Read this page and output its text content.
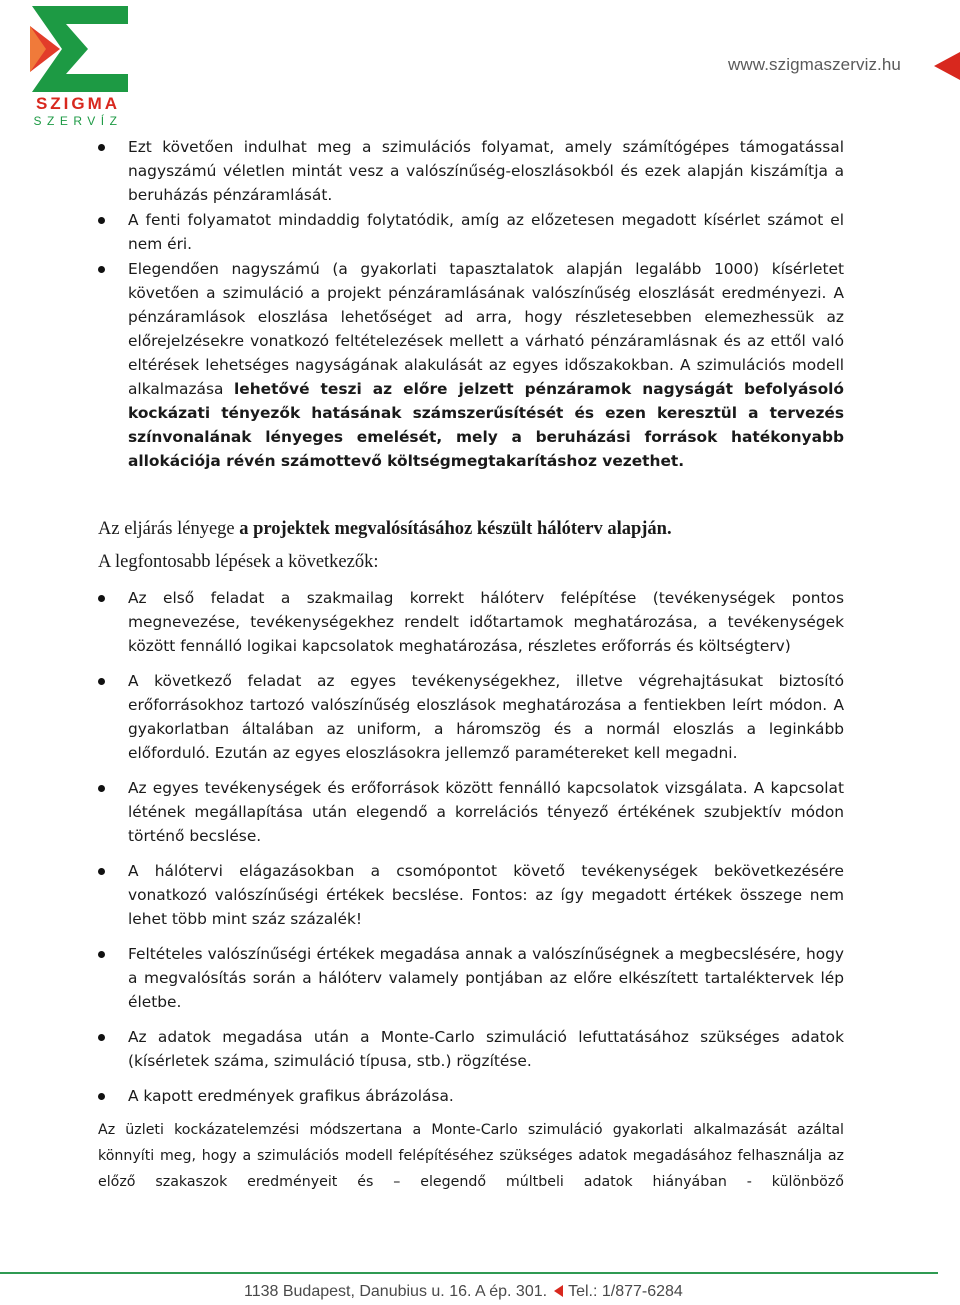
SZIGMA
SZERVÍZ
www.szigmaszerviz.hu
Ezt követően indulhat meg a szimulációs folyamat, amely számítógépes támogatással nagyszámú véletlen mintát vesz a valószínűség-eloszlásokból és ezek alapján kiszámítja a beruházás pénzáramlását.
A fenti folyamatot mindaddig folytatódik, amíg az előzetesen megadott kísérlet számot el nem éri.
Elegendően nagyszámú (a gyakorlati tapasztalatok alapján legalább 1000) kísérletet követően a szimuláció a projekt pénzáramlásának valószínűség eloszlását eredményezi. A pénzáramlások eloszlása lehetőséget ad arra, hogy részletesebben elemezhessük az előrejelzésekre vonatkozó feltételezések mellett a várható pénzáramlásnak és az ettől való eltérések lehetséges nagyságának alakulását az egyes időszakokban. A szimulációs modell alkalmazása lehetővé teszi az előre jelzett pénzáramok nagyságát befolyásoló kockázati tényezők hatásának számszerűsítését és ezen keresztül a tervezés színvonalának lényeges emelését, mely a beruházási források hatékonyabb allokációja révén számottevő költségmegtakarításhoz vezethet.

Az eljárás lényege a projektek megvalósításához készült hálóterv alapján.

A legfontosabb lépések a következők:

Az első feladat a szakmailag korrekt hálóterv felépítése (tevékenységek pontos megnevezése, tevékenységekhez rendelt időtartamok meghatározása, a tevékenységek között fennálló logikai kapcsolatok meghatározása, részletes erőforrás és költségterv)
A következő feladat az egyes tevékenységekhez, illetve végrehajtásukat biztosító erőforrásokhoz tartozó valószínűség eloszlások meghatározása a fentiekben leírt módon. A gyakorlatban általában az uniform, a háromszög és a normál eloszlás a leginkább előforduló. Ezután az egyes eloszlásokra jellemző paramétereket kell megadni.
Az egyes tevékenységek és erőforrások között fennálló kapcsolatok vizsgálata. A kapcsolat létének megállapítása után elegendő a korrelációs tényező értékének szubjektív módon történő becslése.
A hálótervi elágazásokban a csomópontot követő tevékenységek bekövetkezésére vonatkozó valószínűségi értékek becslése. Fontos: az így megadott értékek összege nem lehet több mint száz százalék!
Feltételes valószínűségi értékek megadása annak a valószínűségnek a megbecslésére, hogy a megvalósítás során a hálóterv valamely pontjában az előre elkészített tartaléktervek lép életbe.
Az adatok megadása után a Monte-Carlo szimuláció lefuttatásához szükséges adatok (kísérletek száma, szimuláció típusa, stb.) rögzítése.
A kapott eredmények grafikus ábrázolása.

Az üzleti kockázatelemzési módszertana a Monte-Carlo szimuláció gyakorlati alkalmazását azáltal könnyíti meg, hogy a szimulációs modell felépítéséhez szükséges adatok megadásához felhasználja az előző szakaszok eredményeit és – elegendő múltbeli adatok hiányában - különböző

1138 Budapest, Danubius u. 16. A ép. 301. Tel.: 1/877-6284
